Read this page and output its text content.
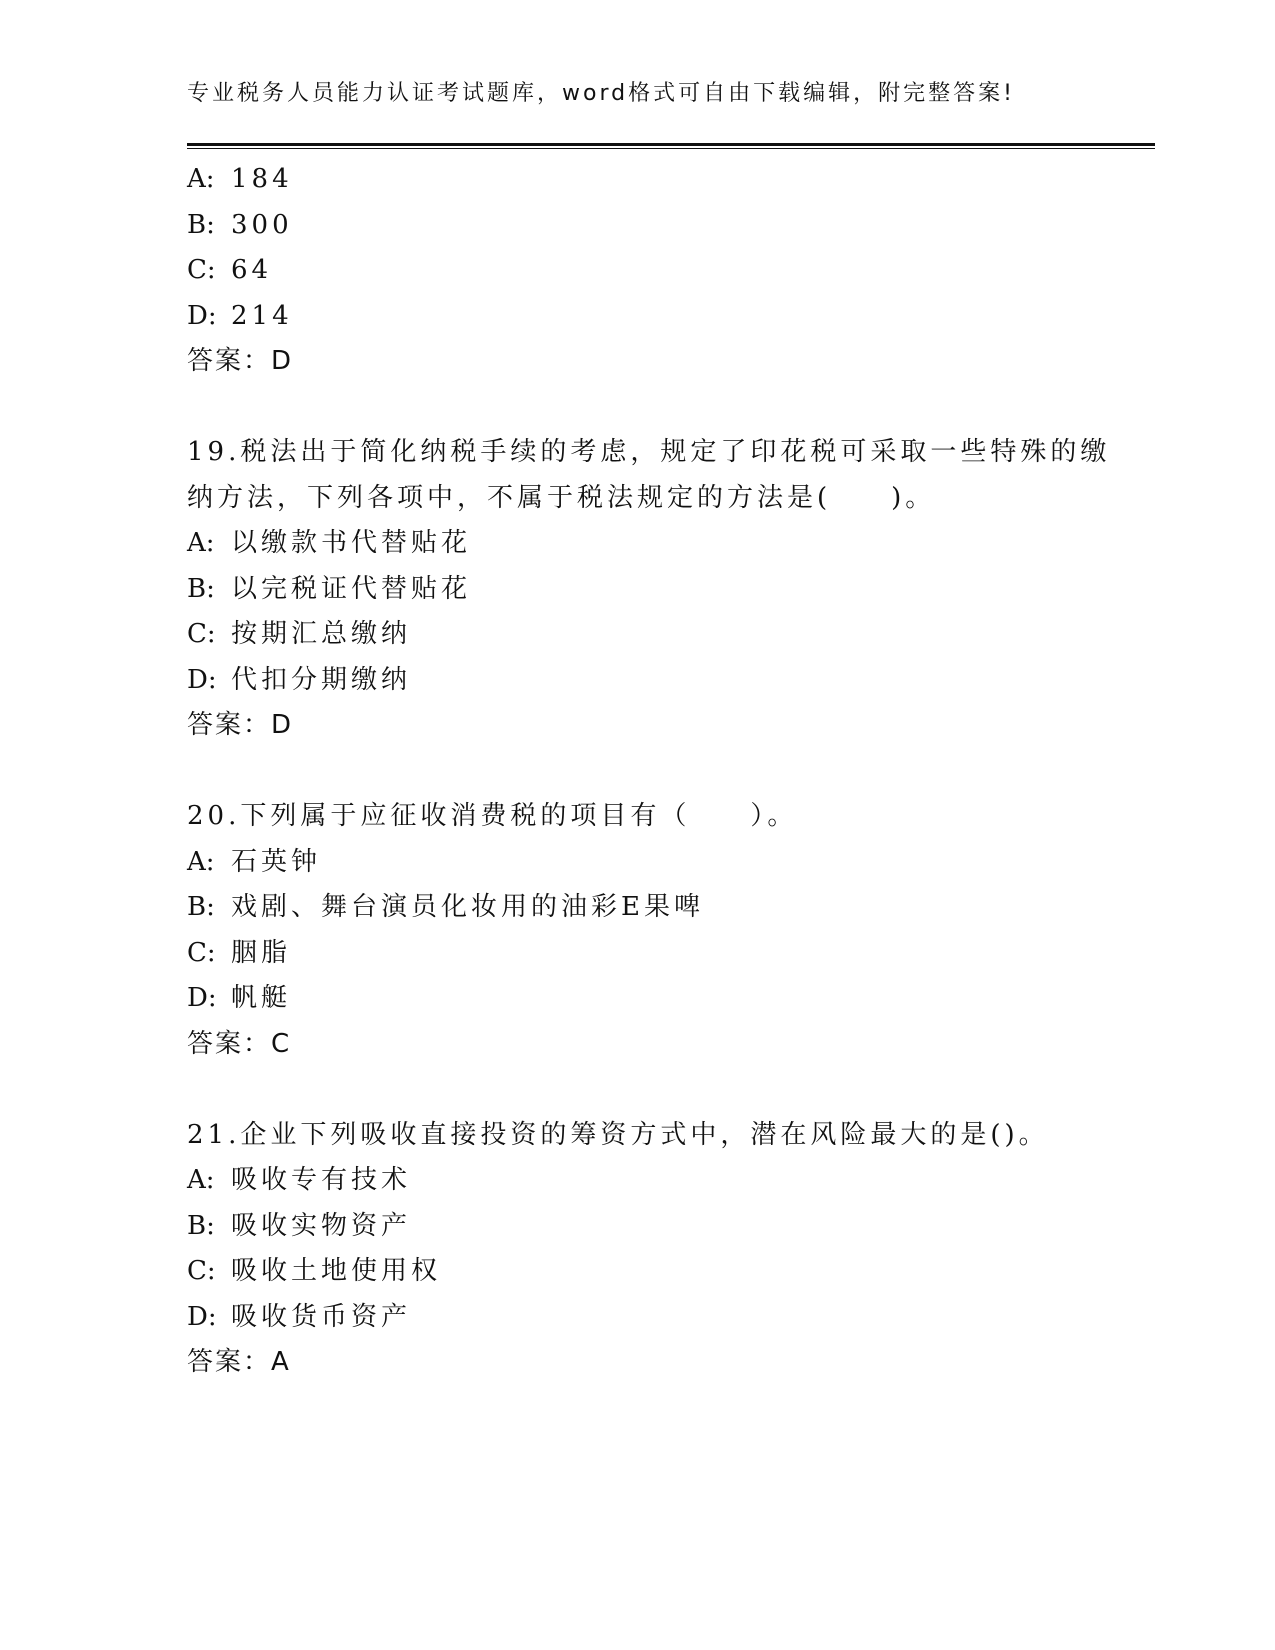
专业税务人员能力认证考试题库，word格式可自由下载编辑，附完整答案!
A: 184
B: 300
C: 64
D: 214
答案：D
19.税法出于简化纳税手续的考虑，规定了印花税可采取一些特殊的缴
纳方法，下列各项中，不属于税法规定的方法是(　　)。
A: 以缴款书代替贴花
B: 以完税证代替贴花
C: 按期汇总缴纳
D: 代扣分期缴纳
答案：D
20.下列属于应征收消费税的项目有（　　）。
A: 石英钟
B: 戏剧、舞台演员化妆用的油彩E果啤
C: 胭脂
D: 帆艇
答案：C
21.企业下列吸收直接投资的筹资方式中，潜在风险最大的是()。
A: 吸收专有技术
B: 吸收实物资产
C: 吸收土地使用权
D: 吸收货币资产
答案：A
